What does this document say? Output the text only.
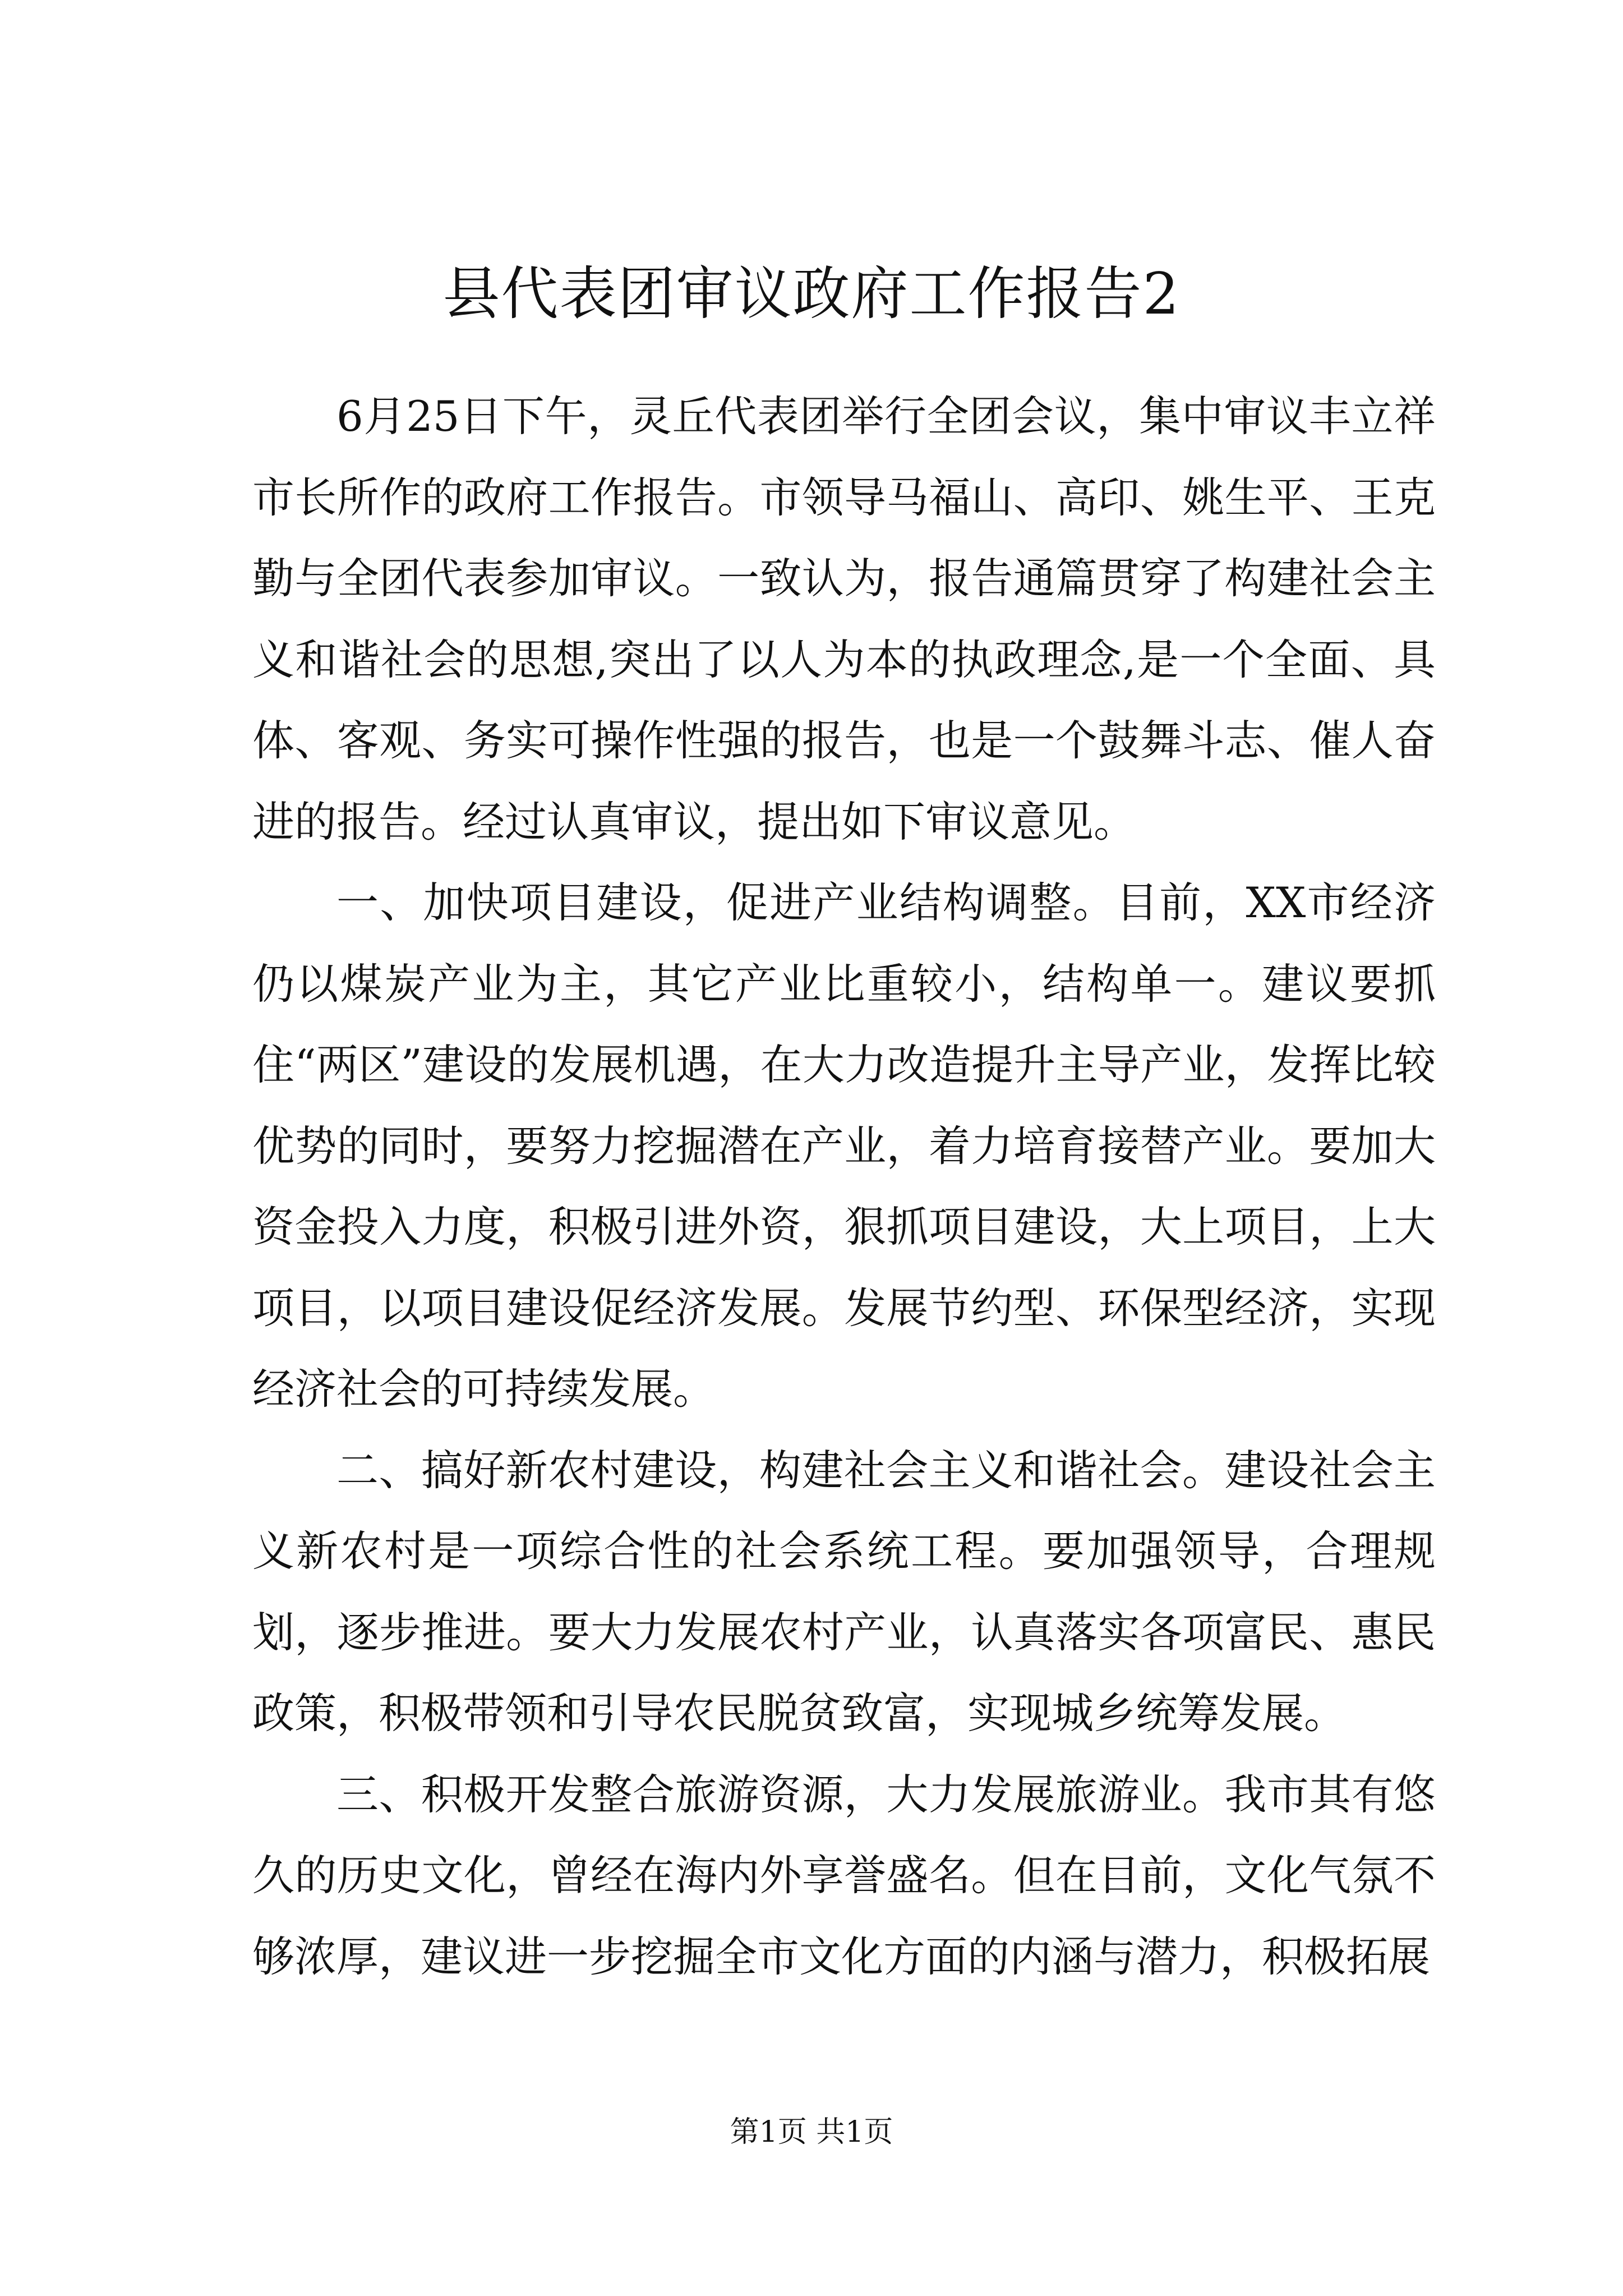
县代表团审议政府工作报告2

6月25日下午，灵丘代表团举行全团会议，集中审议丰立祥市长所作的政府工作报告。市领导马福山、高印、姚生平、王克勤与全团代表参加审议。一致认为，报告通篇贯穿了构建社会主义和谐社会的思想,突出了以人为本的执政理念,是一个全面、具体、客观、务实可操作性强的报告，也是一个鼓舞斗志、催人奋进的报告。经过认真审议，提出如下审议意见。

一、加快项目建设，促进产业结构调整。目前，XX市经济仍以煤炭产业为主，其它产业比重较小，结构单一。建议要抓住“两区”建设的发展机遇，在大力改造提升主导产业，发挥比较优势的同时，要努力挖掘潜在产业，着力培育接替产业。要加大资金投入力度，积极引进外资，狠抓项目建设，大上项目，上大项目，以项目建设促经济发展。发展节约型、环保型经济，实现经济社会的可持续发展。

二、搞好新农村建设，构建社会主义和谐社会。建设社会主义新农村是一项综合性的社会系统工程。要加强领导，合理规划，逐步推进。要大力发展农村产业，认真落实各项富民、惠民政策，积极带领和引导农民脱贫致富，实现城乡统筹发展。

三、积极开发整合旅游资源，大力发展旅游业。我市其有悠久的历史文化，曾经在海内外享誉盛名。但在目前，文化气氛不够浓厚，建议进一步挖掘全市文化方面的内涵与潜力，积极拓展

第1页 共1页
